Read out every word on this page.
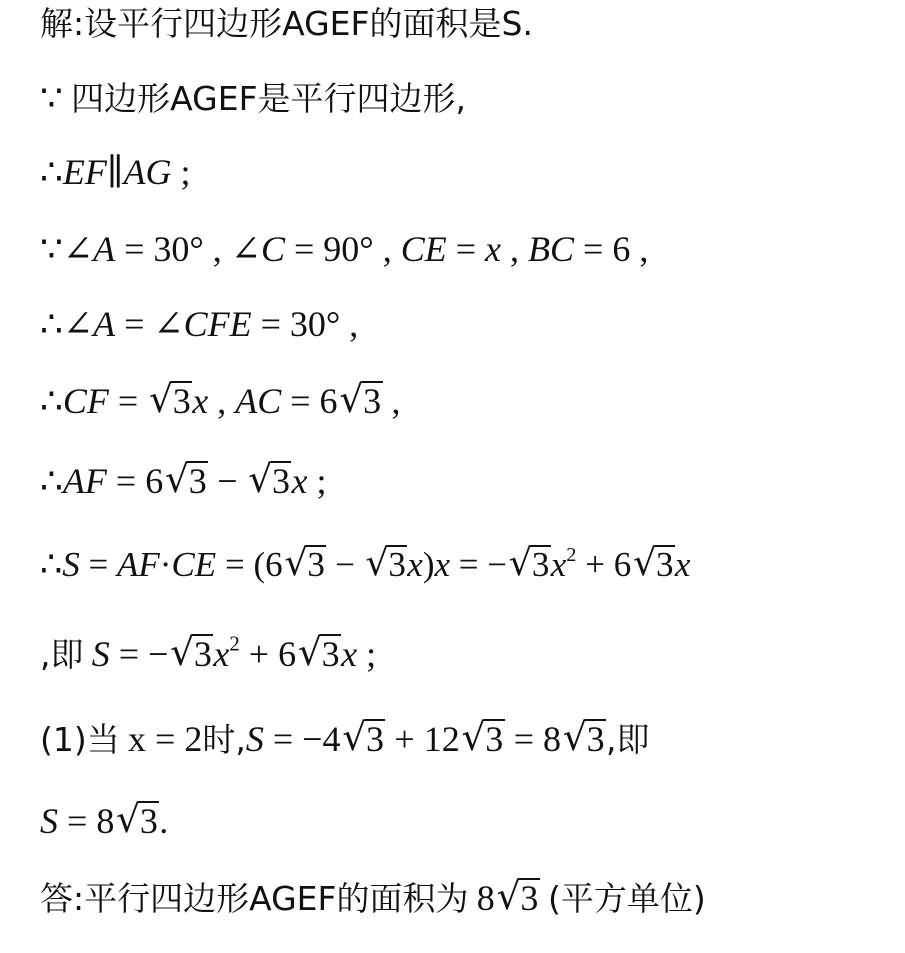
解:设平行四边形AGEF的面积是S.
∵ 四边形AGEF是平行四边形,
∴EF∥AG ;
∵∠A = 30° , ∠C = 90° , CE = x , BC = 6 ,
∴∠A = ∠CFE = 30° ,
∴CF = √ 3x , AC = 6 √ 3 ,
∴AF = 6 √ 3 − √ 3x ;
∴S = AF·CE = (6 √ 3 − √ 3x)x = − √ $3x^2 + 6$ √ 3x
,即 S = − √ $3x^2 + 6$ √ 3x ;
(1)当 x = 2时,S = −4 √ 3 + 12 √ 3 = 8 √ 3,即
S = 8 √ 3.
答:平行四边形AGEF的面积为 8 √ 3 (平方单位)
